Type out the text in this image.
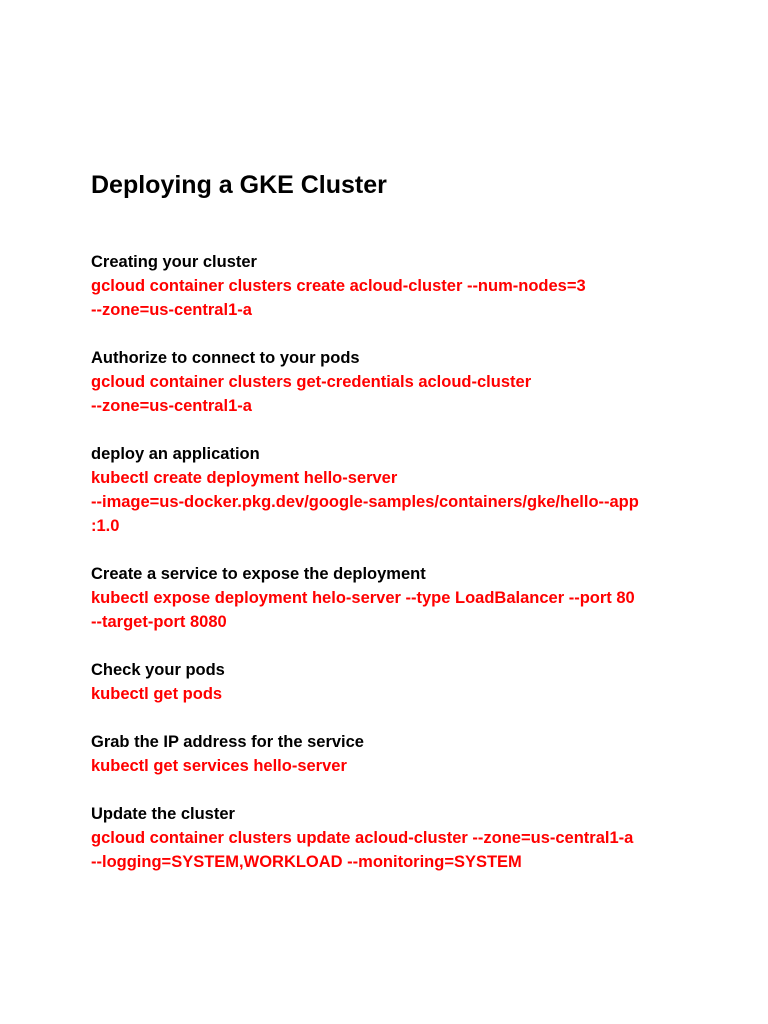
Deploying a GKE Cluster
Creating your cluster
gcloud container clusters create acloud-cluster --num-nodes=3
--zone=us-central1-a
Authorize to connect to your pods
gcloud container clusters get-credentials acloud-cluster
--zone=us-central1-a
deploy an application
kubectl create deployment hello-server
--image=us-docker.pkg.dev/google-samples/containers/gke/hello--app
:1.0
Create a service to expose the deployment
kubectl expose deployment helo-server --type LoadBalancer --port 80
--target-port 8080
Check your pods
kubectl get pods
Grab the IP address for the service
kubectl get services hello-server
Update the cluster
gcloud container clusters update acloud-cluster --zone=us-central1-a
--logging=SYSTEM,WORKLOAD --monitoring=SYSTEM
